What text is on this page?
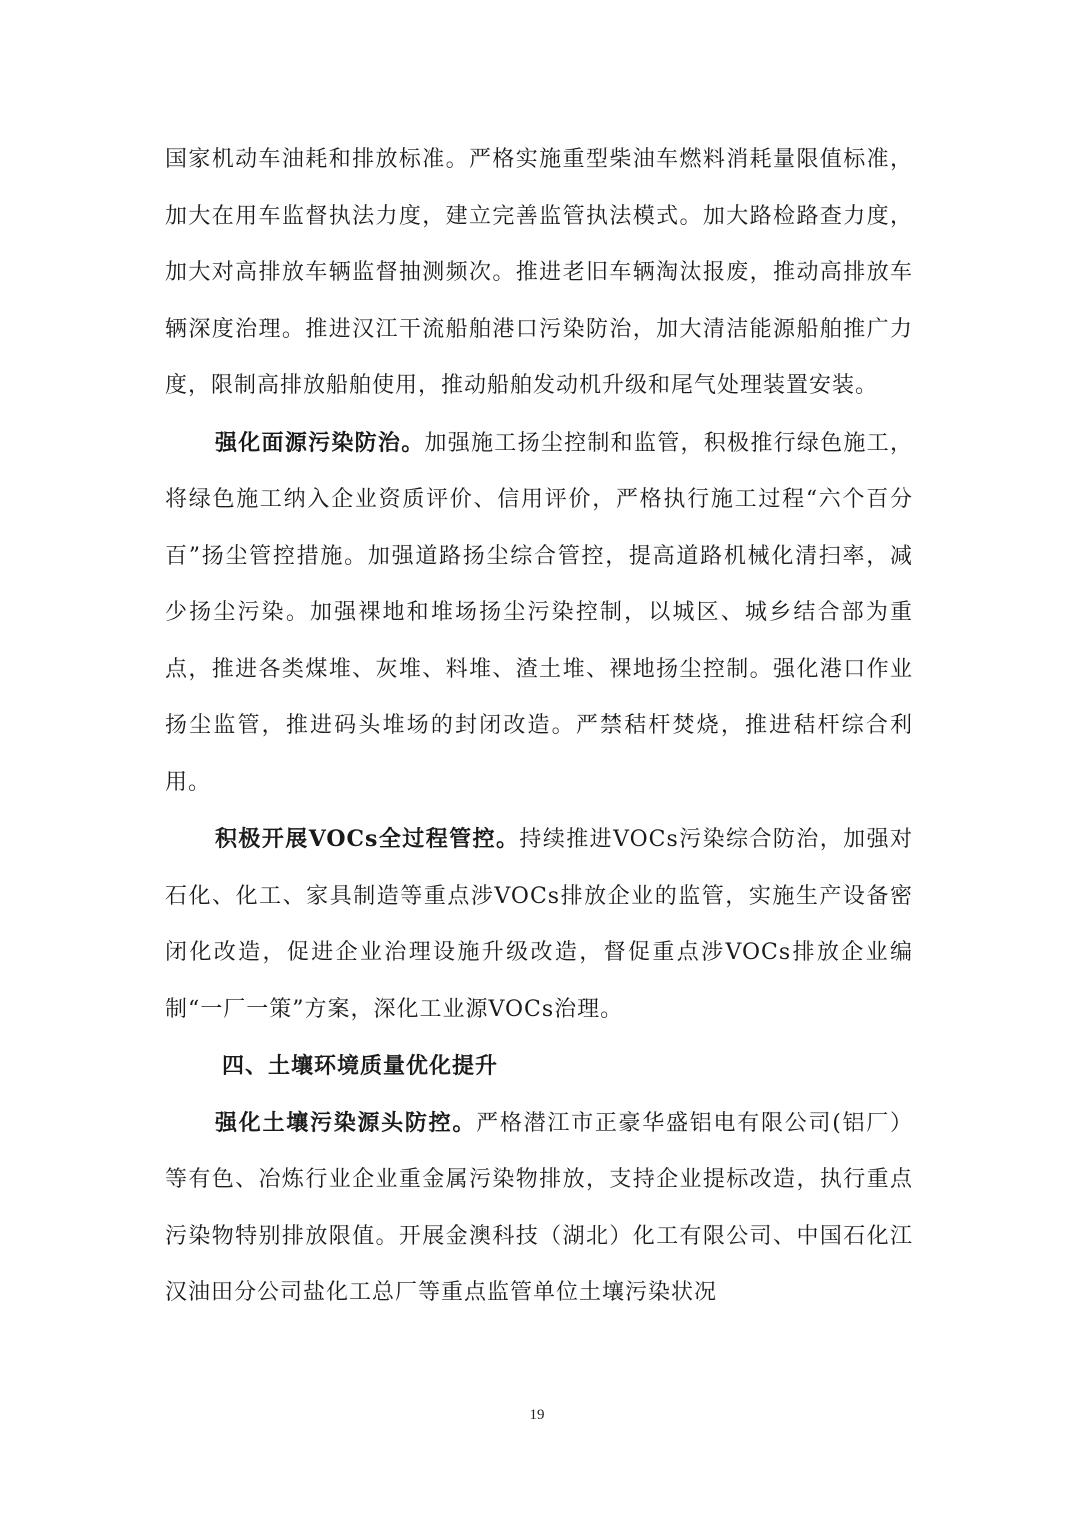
国家机动车油耗和排放标准。严格实施重型柴油车燃料消耗量限值标准，加大在用车监督执法力度，建立完善监管执法模式。加大路检路查力度，加大对高排放车辆监督抽测频次。推进老旧车辆淘汰报废，推动高排放车辆深度治理。推进汉江干流船舶港口污染防治，加大清洁能源船舶推广力度，限制高排放船舶使用，推动船舶发动机升级和尾气处理装置安装。

强化面源污染防治。加强施工扬尘控制和监管，积极推行绿色施工，将绿色施工纳入企业资质评价、信用评价，严格执行施工过程“六个百分百”扬尘管控措施。加强道路扬尘综合管控，提高道路机械化清扫率，减少扬尘污染。加强裸地和堆场扬尘污染控制，以城区、城乡结合部为重点，推进各类煤堆、灰堆、料堆、渣土堆、裸地扬尘控制。强化港口作业扬尘监管，推进码头堆场的封闭改造。严禁秸杆焚烧，推进秸杆综合利用。

积极开展VOCs全过程管控。持续推进VOCs污染综合防治，加强对石化、化工、家具制造等重点涉VOCs排放企业的监管，实施生产设备密闭化改造，促进企业治理设施升级改造，督促重点涉VOCs排放企业编制“一厂一策”方案，深化工业源VOCs治理。

四、土壤环境质量优化提升

强化土壤污染源头防控。严格潜江市正豪华盛铝电有限公司(铝厂）等有色、冶炼行业企业重金属污染物排放，支持企业提标改造，执行重点污染物特别排放限值。开展金澳科技（湖北）化工有限公司、中国石化江汉油田分公司盐化工总厂等重点监管单位土壤污染状况

19
